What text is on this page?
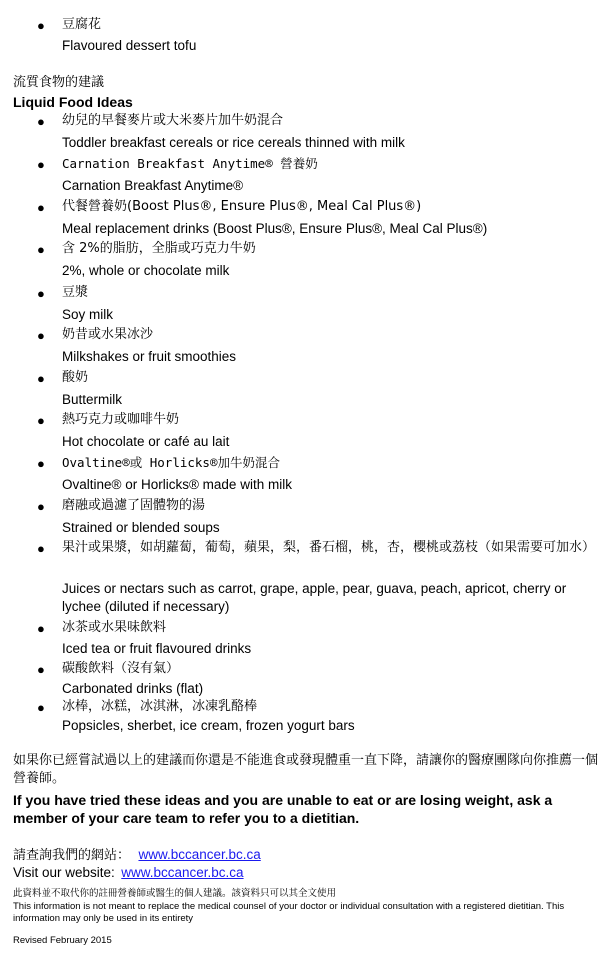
● 豆腐花
Flavoured dessert tofu
流質食物的建議
Liquid Food Ideas
● 幼兒的早餐麥片或大米麥片加牛奶混合
Toddler breakfast cereals or rice cereals thinned with milk
● Carnation Breakfast Anytime® 營養奶
Carnation Breakfast Anytime®
● 代餐營養奶(Boost Plus®, Ensure Plus®, Meal Cal Plus®)
Meal replacement drinks (Boost Plus®, Ensure Plus®, Meal Cal Plus®)
● 含 2%的脂肪，全脂或巧克力牛奶
2%, whole or chocolate milk
● 豆漿
Soy milk
● 奶昔或水果冰沙
Milkshakes or fruit smoothies
● 酸奶
Buttermilk
● 熱巧克力或咖啡牛奶
Hot chocolate or café au lait
● Ovaltine®或 Horlicks®加牛奶混合
Ovaltine® or Horlicks® made with milk
● 磨融或過濾了固體物的湯
Strained or blended soups
● 果汁或果漿，如胡蘿蔔，葡萄，蘋果，梨，番石榴，桃，杏，櫻桃或荔枝（如果需要可加水）
Juices or nectars such as carrot, grape, apple, pear, guava, peach, apricot, cherry or lychee (diluted if necessary)
● 冰茶或水果味飲料
Iced tea or fruit flavoured drinks
● 碳酸飲料（沒有氣）
Carbonated drinks (flat)
● 冰棒，冰糕，冰淇淋，冰凍乳酪棒
Popsicles, sherbet, ice cream, frozen yogurt bars
如果你已經嘗試過以上的建議而你還是不能進食或發現體重一直下降，請讓你的醫療團隊向你推薦一個營養師。
If you have tried these ideas and you are unable to eat or are losing weight, ask a member of your care team to refer you to a dietitian.
請查詢我們的網站： www.bccancer.bc.ca
Visit our website: www.bccancer.bc.ca
此資料並不取代你的註冊營養師或醫生的個人建議。該資料只可以其全文使用
This information is not meant to replace the medical counsel of your doctor or individual consultation with a registered dietitian. This information may only be used in its entirety
Revised February 2015
